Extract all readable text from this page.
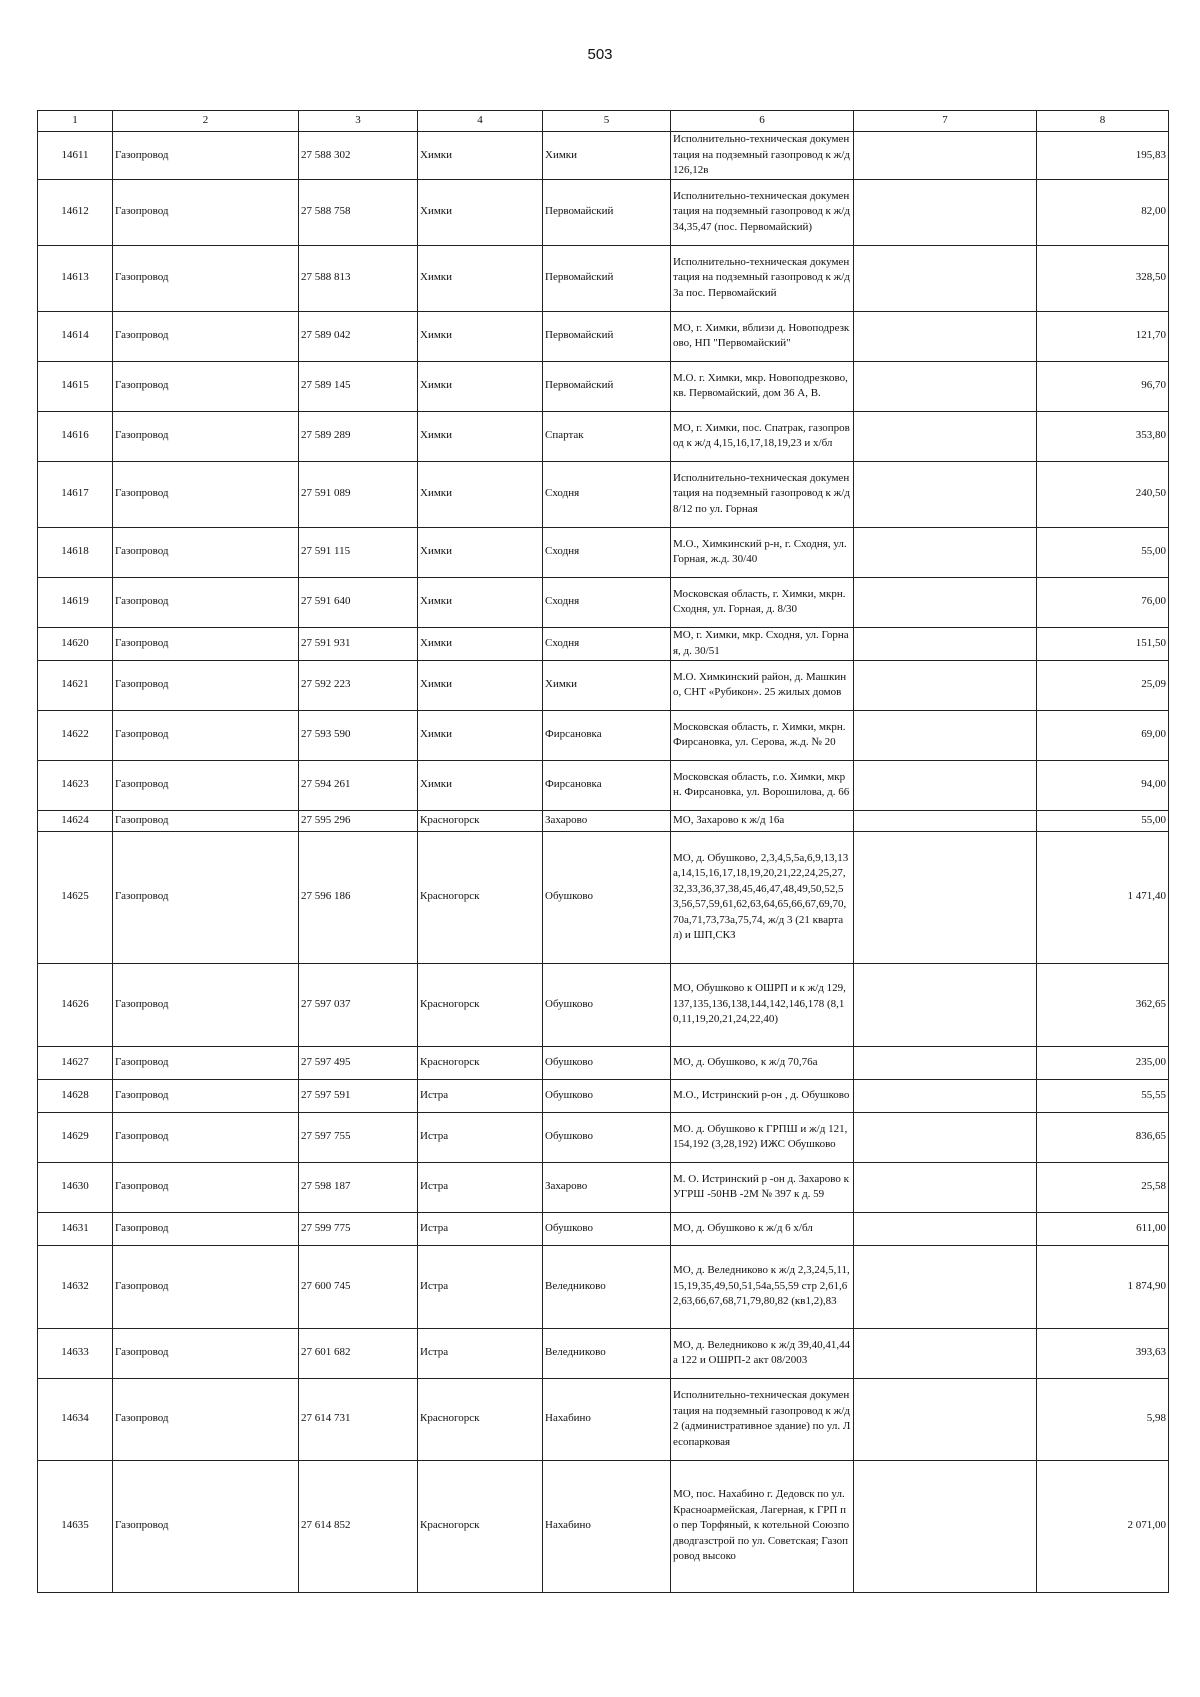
503
1	2	3	4	5	6	7	8
14611	Газопровод	27 588 302	Химки	Химки	Исполнительно-техническая документация на подземный газопровод к ж/д 126,12в		195,83
14612	Газопровод	27 588 758	Химки	Первомайский	Исполнительно-техническая документация на подземный газопровод к ж/д 34,35,47 (пос. Первомайский)		82,00
14613	Газопровод	27 588 813	Химки	Первомайский	Исполнительно-техническая документация на подземный газопровод к ж/д 3а пос. Первомайский		328,50
14614	Газопровод	27 589 042	Химки	Первомайский	МО, г. Химки, вблизи д. Новоподрезково, НП "Первомайский"		121,70
14615	Газопровод	27 589 145	Химки	Первомайский	М.О. г. Химки, мкр. Новоподрезково, кв. Первомайский, дом 36 А, В.		96,70
14616	Газопровод	27 589 289	Химки	Спартак	МО, г. Химки, пос. Спатрак, газопровод к ж/д 4,15,16,17,18,19,23 и х/бл		353,80
14617	Газопровод	27 591 089	Химки	Сходня	Исполнительно-техническая документация на подземный газопровод к ж/д 8/12 по ул. Горная		240,50
14618	Газопровод	27 591 115	Химки	Сходня	М.О., Химкинский р-н, г. Сходня, ул. Горная, ж.д. 30/40		55,00
14619	Газопровод	27 591 640	Химки	Сходня	Московская область, г. Химки, мкрн. Сходня, ул. Горная, д. 8/30		76,00
14620	Газопровод	27 591 931	Химки	Сходня	МО, г. Химки, мкр. Сходня, ул. Горная, д. 30/51		151,50
14621	Газопровод	27 592 223	Химки	Химки	М.О. Химкинский район, д. Машкино, СНТ «Рубикон». 25 жилых домов		25,09
14622	Газопровод	27 593 590	Химки	Фирсановка	Московская область, г. Химки, мкрн. Фирсановка, ул. Серова, ж.д. № 20		69,00
14623	Газопровод	27 594 261	Химки	Фирсановка	Московская область, г.о. Химки, мкрн. Фирсановка, ул. Ворошилова, д. 66		94,00
14624	Газопровод	27 595 296	Красногорск	Захарово	МО, Захарово к ж/д 16а		55,00
14625	Газопровод	27 596 186	Красногорск	Обушково	МО, д. Обушково, 2,3,4,5,5а,6,9,13,13а,14,15,16,17,18,19,20,21,22,24,25,27,32,33,36,37,38,45,46,47,48,49,50,52,53,56,57,59,61,62,63,64,65,66,67,69,70,70а,71,73,73а,75,74, ж/д 3 (21 квартал) и ШП,СКЗ		1 471,40
14626	Газопровод	27 597 037	Красногорск	Обушково	МО, Обушково к ОШРП и к ж/д 129,137,135,136,138,144,142,146,178 (8,10,11,19,20,21,24,22,40)		362,65
14627	Газопровод	27 597 495	Красногорск	Обушково	МО, д. Обушково, к ж/д 70,76а		235,00
14628	Газопровод	27 597 591	Истра	Обушково	М.О., Истринский р-он , д. Обушково		55,55
14629	Газопровод	27 597 755	Истра	Обушково	МО. д. Обушково к ГРПШ и ж/д 121,154,192 (3,28,192) ИЖС Обушково		836,65
14630	Газопровод	27 598 187	Истра	Захарово	М. О. Истринский р -он д. Захарово к УГРШ -50НВ -2М № 397 к д. 59		25,58
14631	Газопровод	27 599 775	Истра	Обушково	МО, д. Обушково к ж/д 6 х/бл		611,00
14632	Газопровод	27 600 745	Истра	Веледниково	МО, д. Веледниково к ж/д 2,3,24,5,11,15,19,35,49,50,51,54а,55,59 стр 2,61,62,63,66,67,68,71,79,80,82 (кв1,2),83		1 874,90
14633	Газопровод	27 601 682	Истра	Веледниково	МО, д. Веледниково к ж/д 39,40,41,44а 122 и ОШРП-2 акт 08/2003		393,63
14634	Газопровод	27 614 731	Красногорск	Нахабино	Исполнительно-техническая документация на подземный газопровод к ж/д 2 (административное здание) по ул. Лесопарковая		5,98
14635	Газопровод	27 614 852	Красногорск	Нахабино	МО, пос. Нахабино г. Дедовск по ул. Красноармейская, Лагерная, к ГРП по пер Торфяный, к котельной Союзподводгазстрой по ул. Советская; Газопровод высоко		2 071,00
